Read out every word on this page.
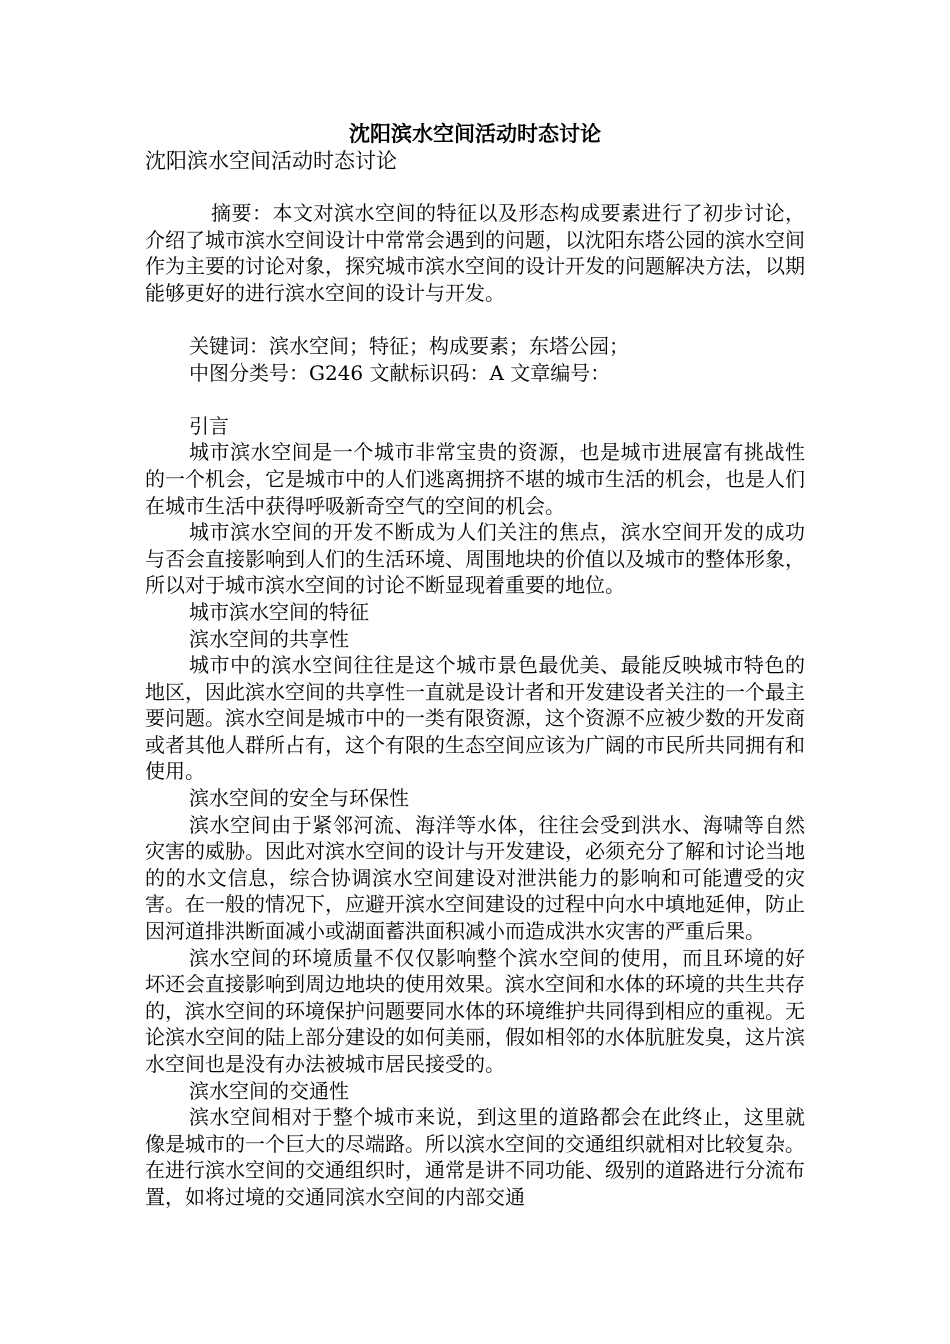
沈阳滨水空间活动时态讨论
沈阳滨水空间活动时态讨论

摘要：本文对滨水空间的特征以及形态构成要素进行了初步讨论，介绍了城市滨水空间设计中常常会遇到的问题，以沈阳东塔公园的滨水空间作为主要的讨论对象，探究城市滨水空间的设计开发的问题解决方法，以期能够更好的进行滨水空间的设计与开发。

关键词：滨水空间；特征；构成要素；东塔公园；

中图分类号：G246 文献标识码：A 文章编号：

引言

城市滨水空间是一个城市非常宝贵的资源，也是城市进展富有挑战性的一个机会，它是城市中的人们逃离拥挤不堪的城市生活的机会，也是人们在城市生活中获得呼吸新奇空气的空间的机会。

城市滨水空间的开发不断成为人们关注的焦点，滨水空间开发的成功与否会直接影响到人们的生活环境、周围地块的价值以及城市的整体形象，所以对于城市滨水空间的讨论不断显现着重要的地位。

城市滨水空间的特征

滨水空间的共享性

城市中的滨水空间往往是这个城市景色最优美、最能反映城市特色的地区，因此滨水空间的共享性一直就是设计者和开发建设者关注的一个最主要问题。滨水空间是城市中的一类有限资源，这个资源不应被少数的开发商或者其他人群所占有，这个有限的生态空间应该为广阔的市民所共同拥有和使用。

滨水空间的安全与环保性

滨水空间由于紧邻河流、海洋等水体，往往会受到洪水、海啸等自然灾害的威胁。因此对滨水空间的设计与开发建设，必须充分了解和讨论当地的的水文信息，综合协调滨水空间建设对泄洪能力的影响和可能遭受的灾害。在一般的情况下，应避开滨水空间建设的过程中向水中填地延伸，防止因河道排洪断面减小或湖面蓄洪面积减小而造成洪水灾害的严重后果。

滨水空间的环境质量不仅仅影响整个滨水空间的使用，而且环境的好坏还会直接影响到周边地块的使用效果。滨水空间和水体的环境的共生共存的，滨水空间的环境保护问题要同水体的环境维护共同得到相应的重视。无论滨水空间的陆上部分建设的如何美丽，假如相邻的水体肮脏发臭，这片滨水空间也是没有办法被城市居民接受的。

滨水空间的交通性

滨水空间相对于整个城市来说，到这里的道路都会在此终止，这里就像是城市的一个巨大的尽端路。所以滨水空间的交通组织就相对比较复杂。在进行滨水空间的交通组织时，通常是讲不同功能、级别的道路进行分流布置，如将过境的交通同滨水空间的内部交通
